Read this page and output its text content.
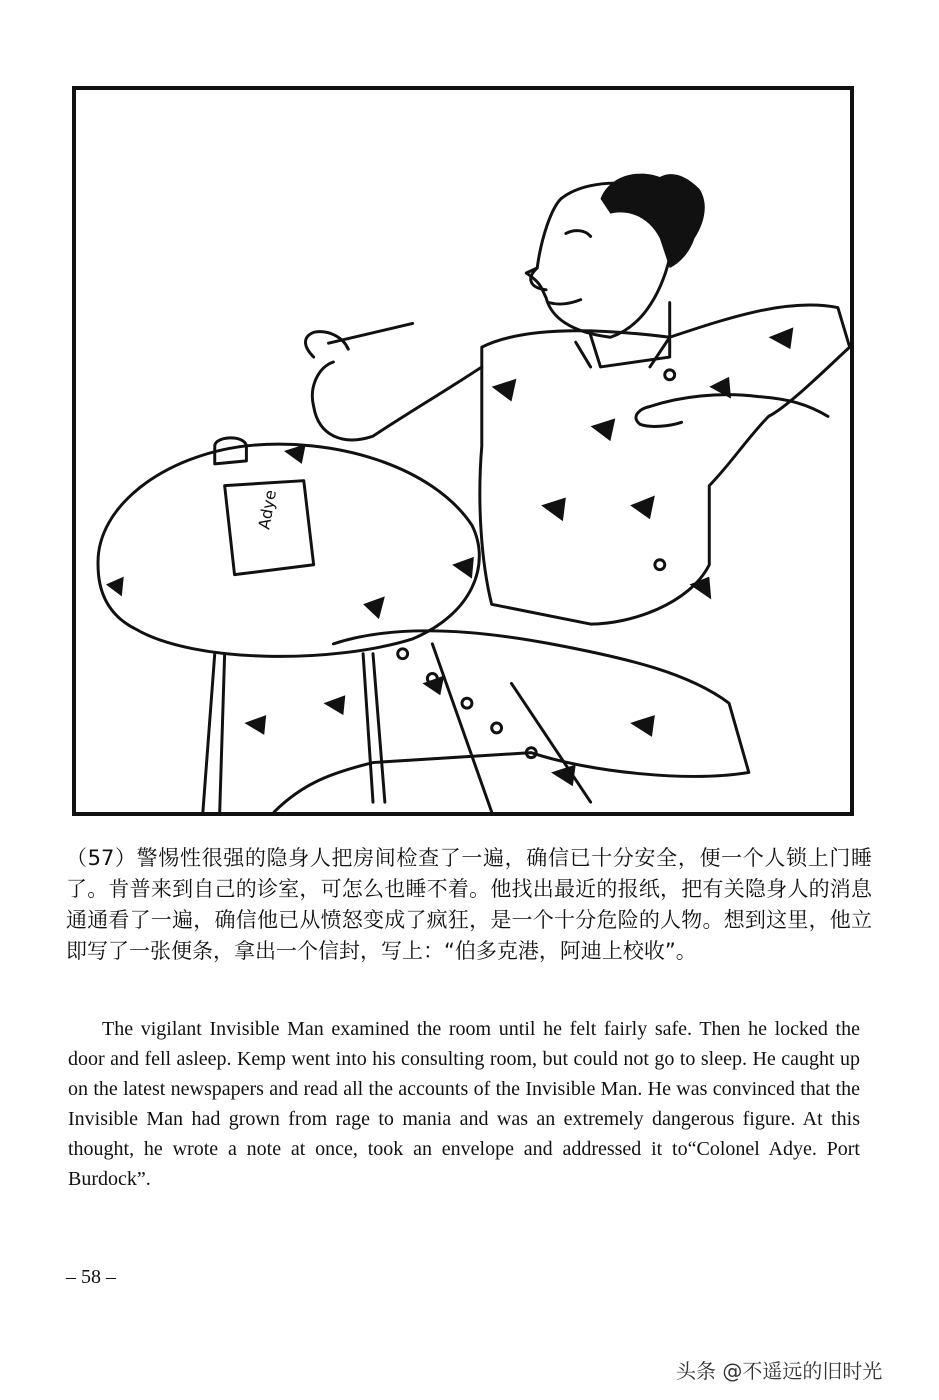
Adye

（57）警惕性很强的隐身人把房间检查了一遍，确信已十分安全，便一个人锁上门睡了。肯普来到自己的诊室，可怎么也睡不着。他找出最近的报纸，把有关隐身人的消息通通看了一遍，确信他已从愤怒变成了疯狂，是一个十分危险的人物。想到这里，他立即写了一张便条，拿出一个信封，写上：“伯多克港，阿迪上校收”。

The vigilant Invisible Man examined the room until he felt fairly safe. Then he locked the door and fell asleep. Kemp went into his consulting room, but could not go to sleep. He caught up on the latest newspapers and read all the accounts of the Invisible Man. He was convinced that the Invisible Man had grown from rage to mania and was an extremely dangerous figure. At this thought, he wrote a note at once, took an envelope and addressed it to“Colonel Adye. Port Burdock”.

– 58 –
头条 @不遥远的旧时光
